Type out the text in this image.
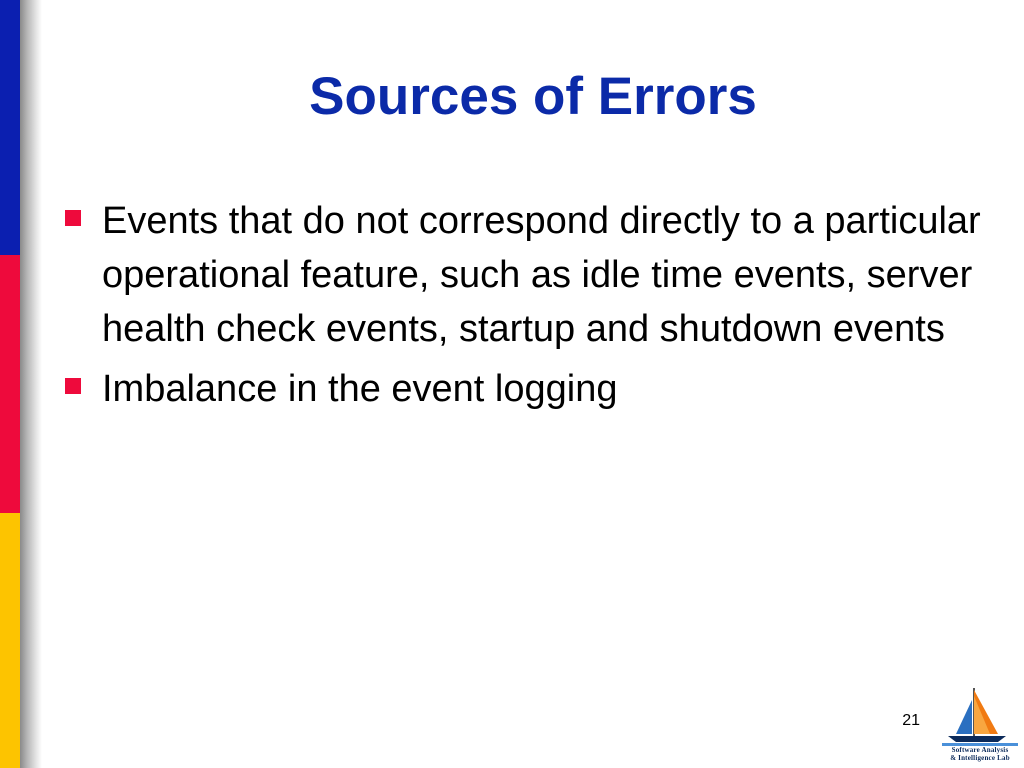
Sources of Errors
Events that do not correspond directly to a particular operational feature, such as idle time events, server health check events, startup and shutdown events
Imbalance in the event logging
21
Software Analysis
& Intelligence Lab
